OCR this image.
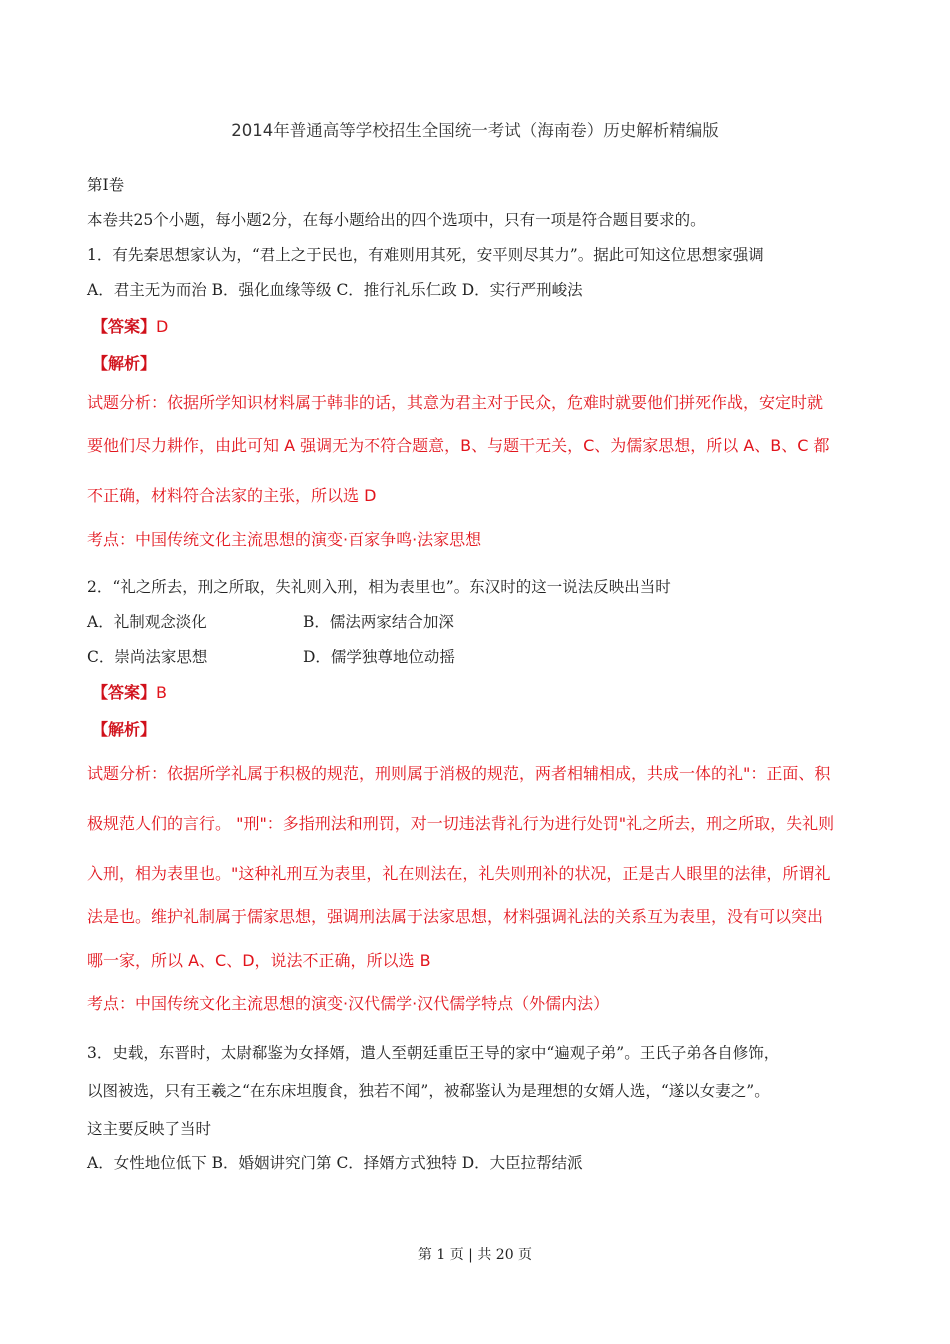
2014年普通高等学校招生全国统一考试（海南卷）历史解析精编版
第I卷
本卷共25个小题，每小题2分，在每小题给出的四个选项中，只有一项是符合题目要求的。
1．有先秦思想家认为，“君上之于民也，有难则用其死，安平则尽其力”。据此可知这位思想家强调
A．君主无为而治 B．强化血缘等级 C．推行礼乐仁政 D．实行严刑峻法
【答案】D
【解析】
试题分析：依据所学知识材料属于韩非的话，其意为君主对于民众，危难时就要他们拼死作战，安定时就
要他们尽力耕作，由此可知 A 强调无为不符合题意，B、与题干无关，C、为儒家思想，所以 A、B、C 都
不正确，材料符合法家的主张，所以选 D
考点：中国传统文化主流思想的演变·百家争鸣·法家思想
2．“礼之所去，刑之所取，失礼则入刑，相为表里也”。东汉时的这一说法反映出当时
A．礼制观念淡化	B．儒法两家结合加深
C．崇尚法家思想	D．儒学独尊地位动摇
【答案】B
【解析】
试题分析：依据所学礼属于积极的规范，刑则属于消极的规范，两者相辅相成，共成一体的礼"：正面、积
极规范人们的言行。 "刑"：多指刑法和刑罚，对一切违法背礼行为进行处罚"礼之所去，刑之所取，失礼则
入刑，相为表里也。"这种礼刑互为表里，礼在则法在，礼失则刑补的状况，正是古人眼里的法律，所谓礼
法是也。维护礼制属于儒家思想，强调刑法属于法家思想，材料强调礼法的关系互为表里，没有可以突出
哪一家，所以 A、C、D，说法不正确，所以选 B
考点：中国传统文化主流思想的演变·汉代儒学·汉代儒学特点（外儒内法）
3．史载，东晋时，太尉郗鉴为女择婿，遣人至朝廷重臣王导的家中“遍观子弟”。王氏子弟各自修饰，
以图被选，只有王羲之“在东床坦腹食，独若不闻”，被郗鉴认为是理想的女婿人选，“遂以女妻之”。
这主要反映了当时
A．女性地位低下 B．婚姻讲究门第 C．择婿方式独特 D．大臣拉帮结派
第 1 页 | 共 20 页
